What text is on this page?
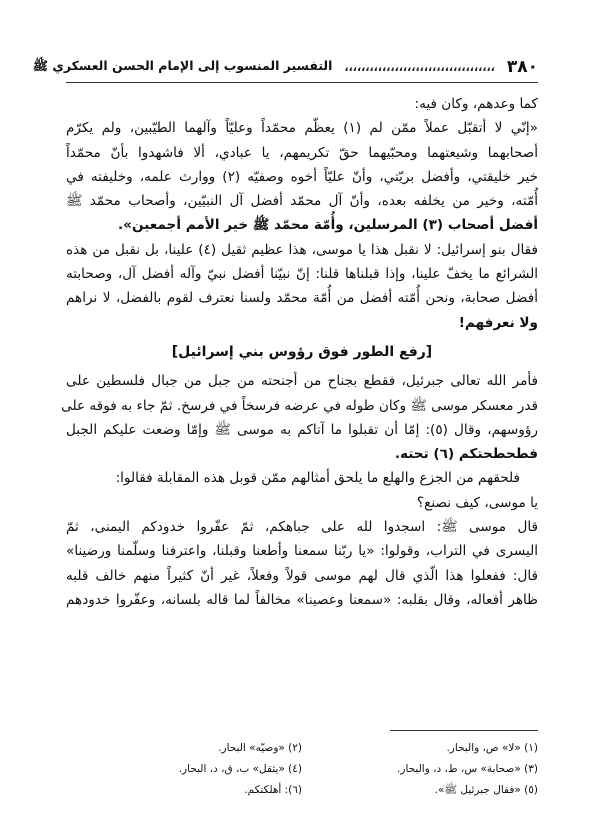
٣٨٠
،،،،،،،،،،،،،،،،،،،،،،،،،،،،،،،،،،،،
التفسير المنسوب إلى الإمام الحسن العسكري ﷺ
كما وعدهم، وكان فيه:
«إنّي لا أتقبّل عملاً ممّن لم (١) يعظّم محمّداً وعليّاً وآلهما الطيّبين، ولم يكرّم
أصحابهما وشيعتهما ومحبّيهما حقّ تكريمهم، يا عبادي، ألا فاشهدوا بأنّ محمّداً
خير خليقتي، وأفضل بريّتي، وأنّ عليّاً أخوه وصفيّه (٢) ووارث علمه، وخليفته في
أُمّته، وخير من يخلفه بعده، وأنّ آل محمّد أفضل آل النبيّين، وأصحاب محمّد ﷺ
أفضل أصحاب (٣) المرسلين، وأُمّة محمّد ﷺ خير الأمم أجمعين».
فقال بنو إسرائيل: لا نقبل هذا يا موسى، هذا عظيم ثقيل (٤) علينا، بل نقبل من هذه
الشرائع ما يخفّ علينا، وإذا قبلناها قلنا: إنّ نبيّنا أفضل نبيّ وآله أفضل آل، وصحابته
أفضل صحابة، ونحن أُمّته أفضل من أُمّة محمّد ولسنا نعترف لقوم بالفضل، لا نراهم
ولا نعرفهم!
[رفع الطور فوق رؤوس بني إسرائيل]
فأمر الله تعالى جبرئيل، فقطع بجناح من أجنحته من جبل من جبال فلسطين على
قدر معسكر موسى ﷺ وكان طوله في عرضه فرسخاً في فرسخ. ثمّ جاء به فوقه على
رؤوسهم، وقال (٥): إمّا أن تقبلوا ما آتاكم به موسى ﷺ وإمّا وضعت عليكم الجبل
فطحطحتكم (٦) تحته.
فلحقهم من الجزع والهلع ما يلحق أمثالهم ممّن قوبل هذه المقابلة فقالوا:
يا موسى، كيف نصنع؟
قال موسى ﷺ: اسجدوا لله على جباهكم، ثمّ عفّروا خدودكم اليمنى، ثمّ
اليسرى في التراب، وقولوا: «يا ربّنا سمعنا وأطعنا وقبلنا، واعترفنا وسلّمنا ورضينا»
قال: ففعلوا هذا الّذي قال لهم موسى قولاً وفعلاً، غير أنّ كثيراً منهم خالف قلبه
ظاهر أفعاله، وقال بقلبه: «سمعنا وعصينا» مخالفاً لما قاله بلسانه، وعفّروا خدودهم
(١) «لا» ص، والبحار.
(٢) «وصيّه» البحار.
(٣) «صحابة» س، ط، د، والبحار.
(٤) «يثقل» ب، ق، د، البحار.
(٥) «فقال جبرئيل ﷺ».
(٦): أهلكتكم.
